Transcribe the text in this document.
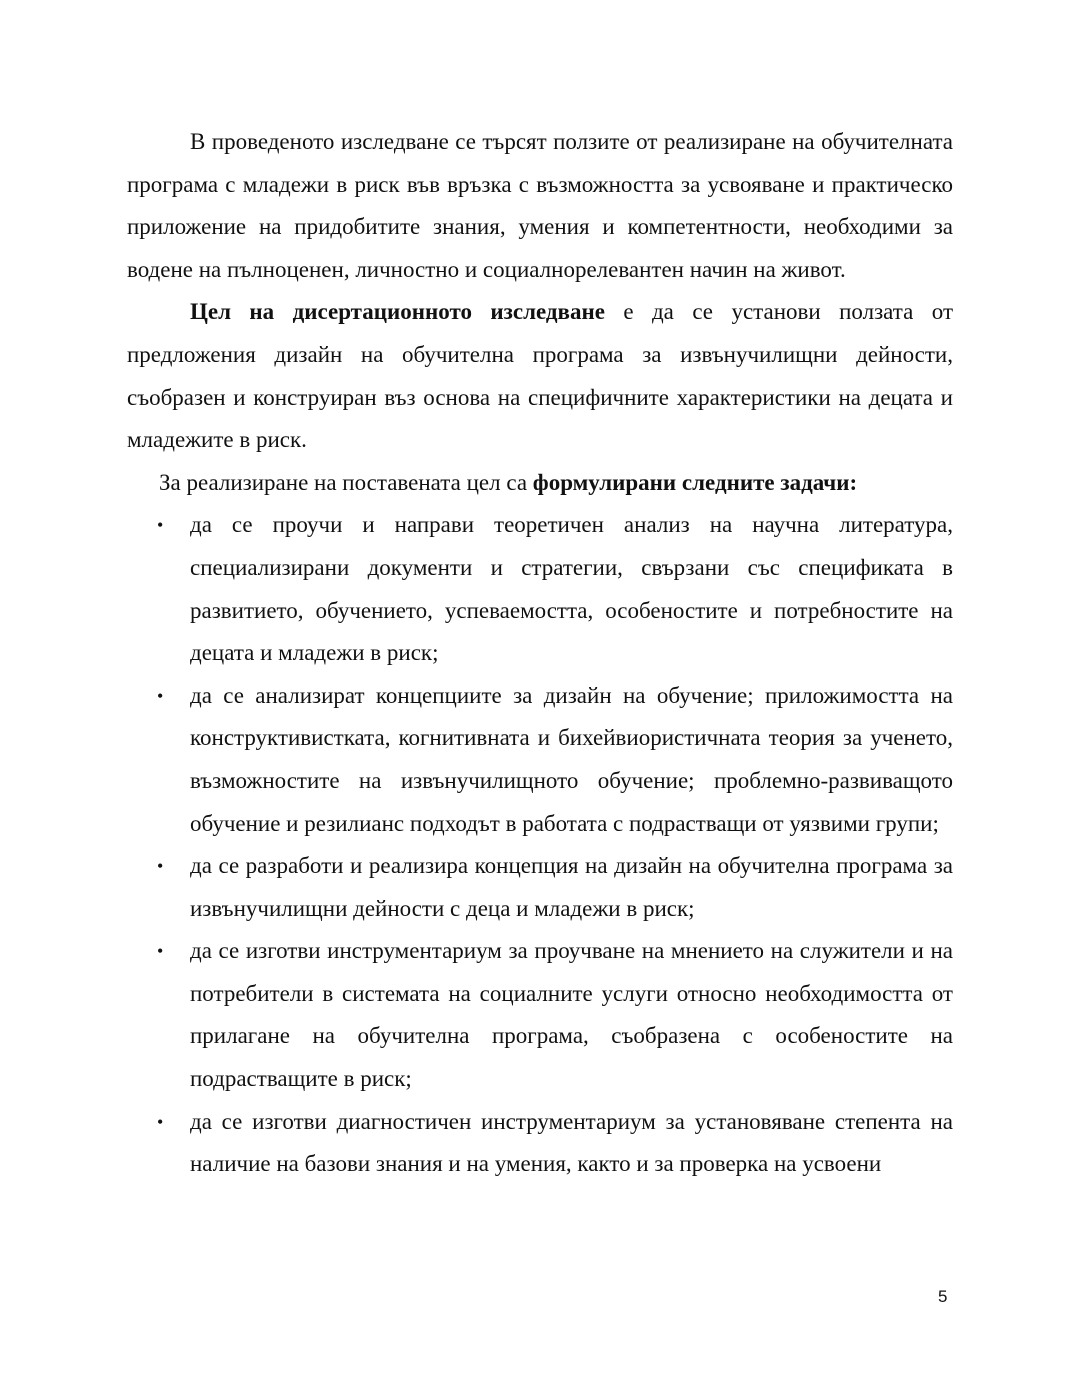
В проведеното изследване се търсят ползите от реализиране на обучителната програма с младежи в риск във връзка с възможността за усвояване и практическо приложение на придобитите знания, умения и компетентности, необходими за водене на пълноценен, личностно и социалнорелевантен начин на живот.

Цел на дисертационното изследване е да се установи ползата от предложения дизайн на обучителна програма за извънучилищни дейности, съобразен и конструиран въз основа на специфичните характеристики на децата и младежите в риск.

За реализиране на поставената цел са формулирани следните задачи:

• да се проучи и направи теоретичен анализ на научна литература, специализирани документи и стратегии, свързани със спецификата в развитието, обучението, успеваемостта, особеностите и потребностите на децата и младежи в риск;
• да се анализират концепциите за дизайн на обучение; приложимостта на конструктивистката, когнитивната и бихейвиористичната теория за ученето, възможностите на извънучилищното обучение; проблемно-развиващото обучение и резилианс подходът в работата с подрастващи от уязвими групи;
• да се разработи и реализира концепция на дизайн на обучителна програма за извънучилищни дейности с деца и младежи в риск;
• да се изготви инструментариум за проучване на мнението на служители и на потребители в системата на социалните услуги относно необходимостта от прилагане на обучителна програма, съобразена с особеностите на подрастващите в риск;
• да се изготви диагностичен инструментариум за установяване степента на наличие на базови знания и на умения, както и за проверка на усвоени
5
